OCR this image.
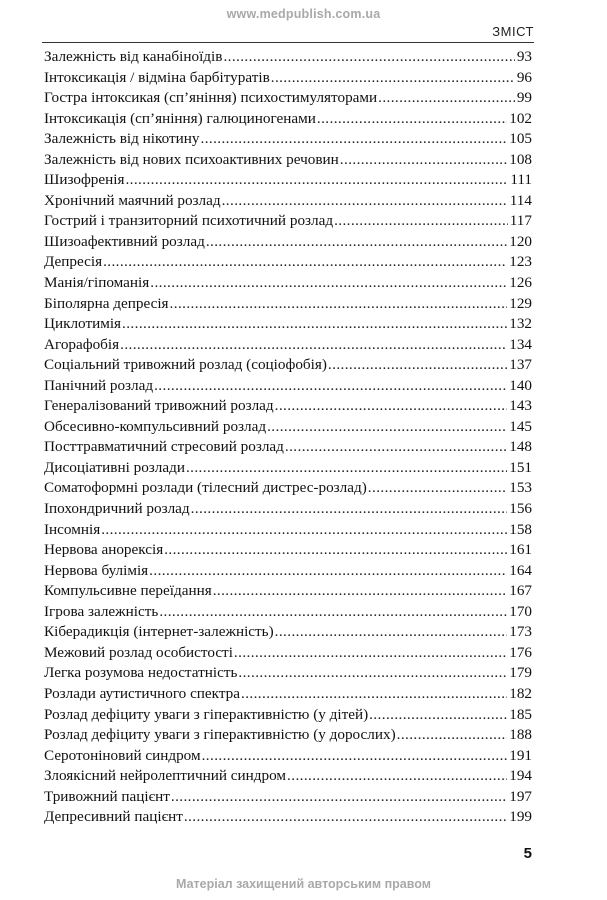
www.medpublish.com.ua
ЗМІСТ
Залежність від канабіноїдів .....	93
Інтоксикація / відміна барбітуратів .....	96
Гостра інтоксикая (сп’яніння) психостимуляторами .....	99
Інтоксикація (сп’яніння) галюциногенами .....	102
Залежність від нікотину .....	105
Залежність від нових психоактивних речовин .....	108
Шизофренія .....	111
Хронічний маячний розлад .....	114
Гострий і транзиторний психотичний розлад .....	117
Шизоафективний розлад .....	120
Депресія .....	123
Манія/гіпоманія .....	126
Біполярна депресія .....	129
Циклотимія .....	132
Агорафобія .....	134
Соціальний тривожний розлад (соціофобія) .....	137
Панічний розлад .....	140
Генералізований тривожний розлад .....	143
Обсесивно-компульсивний розлад .....	145
Посттравматичний стресовий розлад .....	148
Дисоціативні розлади .....	151
Соматоформні розлади (тілесний дистрес-розлад) .....	153
Іпохондричний розлад .....	156
Інсомнія .....	158
Нервова анорексія .....	161
Нервова булімія .....	164
Компульсивне переїдання .....	167
Ігрова залежність .....	170
Кіберадикція (інтернет-залежність) .....	173
Межовий розлад особистості .....	176
Легка розумова недостатність .....	179
Розлади аутистичного спектра .....	182
Розлад дефіциту уваги з гіперактивністю (у дітей) .....	185
Розлад дефіциту уваги з гіперактивністю (у дорослих) .....	188
Серотоніновий синдром .....	191
Злоякісний нейролептичний синдром .....	194
Тривожний пацієнт .....	197
Депресивний пацієнт .....	199
5
Матеріал захищений авторським правом
